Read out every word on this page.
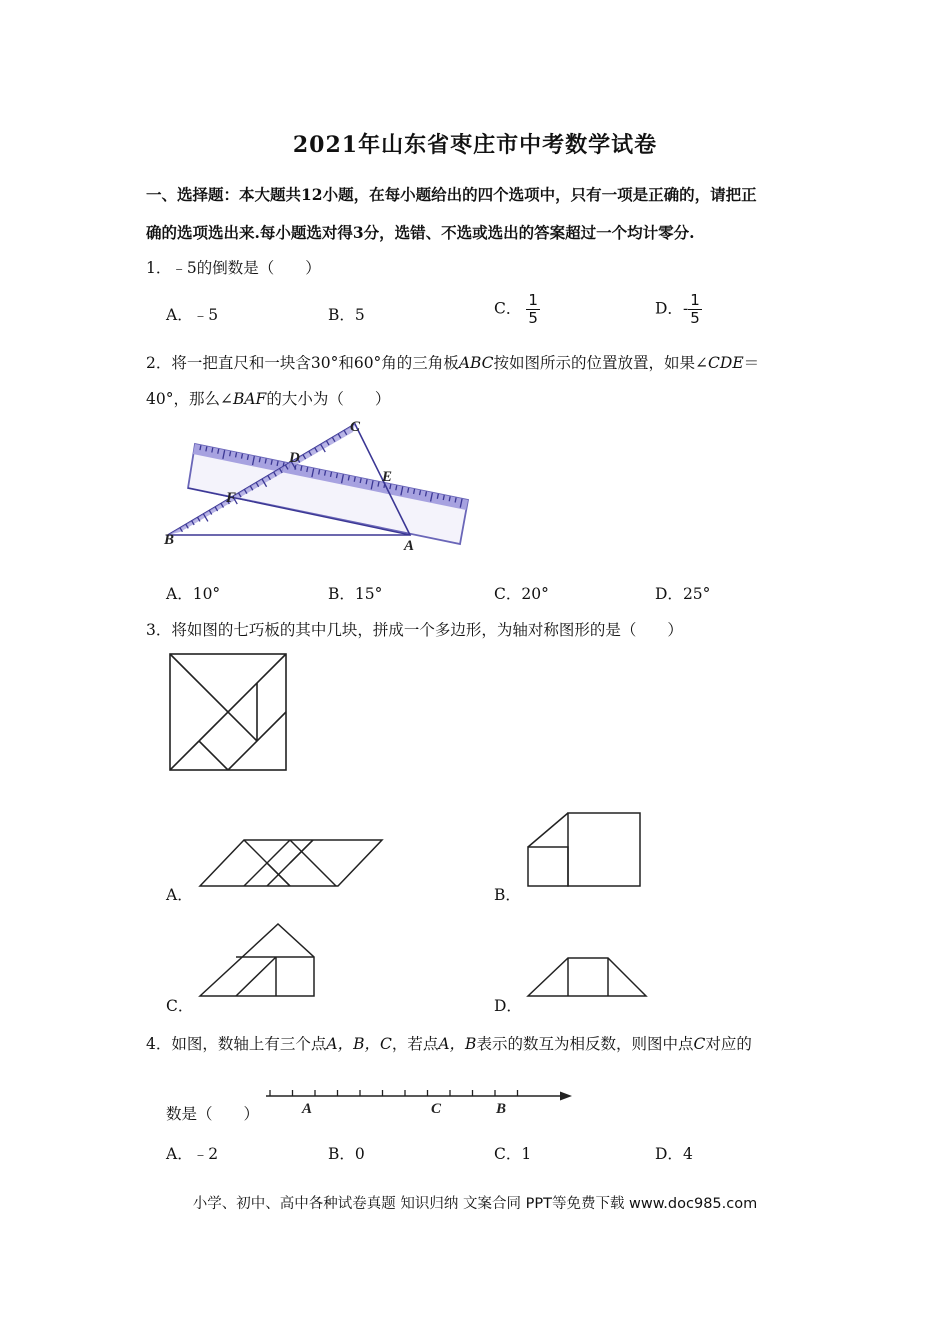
2021年山东省枣庄市中考数学试卷
一、选择题：本大题共12小题，在每小题给出的四个选项中，只有一项是正确的，请把正
确的选项选出来.每小题选对得3分，选错、不选或选出的答案超过一个均计零分.
1．﹣5的倒数是（　　）
A．﹣5	B．5	C． $\frac{1}{5}$	D．- $\frac{1}{5}$
2．将一把直尺和一块含30°和60°角的三角板ABC按如图所示的位置放置，如果∠CDE＝
40°，那么∠BAF的大小为（　　）
C
D
E
F
B	A
A．10°	B．15°	C．20°	D．25°
3．将如图的七巧板的其中几块，拼成一个多边形，为轴对称图形的是（　　）
A．	B．
C．	D．
4．如图，数轴上有三个点A，B，C，若点A，B表示的数互为相反数，则图中点C对应的
数是（　　）	A	C	B
A．﹣2	B．0	C．1	D．4
小学、初中、高中各种试卷真题 知识归纳 文案合同 PPT等免费下载 www.doc985.com
